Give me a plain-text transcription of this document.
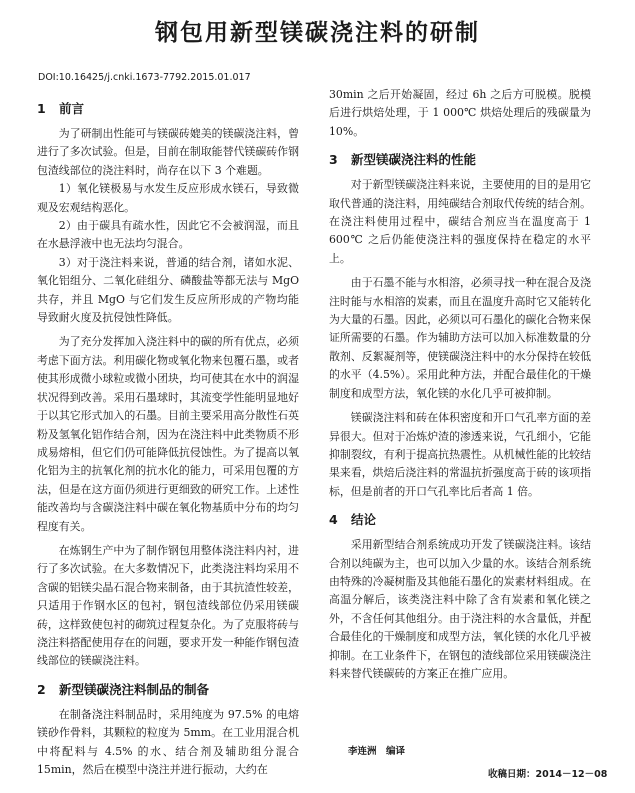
钢包用新型镁碳浇注料的研制
DOI:10.16425/j.cnki.1673-7792.2015.01.017
1 前言

为了研制出性能可与镁碳砖媲美的镁碳浇注料，曾进行了多次试验。但是，目前在制取能替代镁碳砖作钢包渣线部位的浇注料时，尚存在以下 3 个难题。

1）氧化镁极易与水发生反应形成水镁石，导致微观及宏观结构恶化。

2）由于碳具有疏水性，因此它不会被润湿，而且在水悬浮液中也无法均匀混合。

3）对于浇注料来说，普通的结合剂，诸如水泥、氧化铝组分、二氧化硅组分、磷酸盐等都无法与 MgO 共存，并且 MgO 与它们发生反应所形成的产物均能导致耐火度及抗侵蚀性降低。

为了充分发挥加入浇注料中的碳的所有优点，必须考虑下面方法。利用碳化物或氧化物来包覆石墨，或者使其形成微小球粒或微小团块，均可使其在水中的润湿状况得到改善。采用石墨球时，其流变学性能明显地好于以其它形式加入的石墨。目前主要采用高分散性石英粉及氢氧化铝作结合剂，因为在浇注料中此类物质不形成易熔相，但它们仍可能降低抗侵蚀性。为了提高以氧化铝为主的抗氧化剂的抗水化的能力，可采用包覆的方法，但是在这方面仍须进行更细致的研究工作。上述性能改善均与含碳浇注料中碳在氧化物基质中分布的均匀程度有关。

在炼钢生产中为了制作钢包用整体浇注料内衬，进行了多次试验。在大多数情况下，此类浇注料均采用不含碳的铝镁尖晶石混合物来制备，由于其抗渣性较差，只适用于作钢水区的包衬，钢包渣线部位仍采用镁碳砖，这样致使包衬的砌筑过程复杂化。为了克服将砖与浇注料搭配使用存在的问题，要求开发一种能作钢包渣线部位的镁碳浇注料。

2 新型镁碳浇注料制品的制备

在制备浇注料制品时，采用纯度为 97.5% 的电熔镁砂作骨料，其颗粒的粒度为 5mm。在工业用混合机中将配料与 4.5% 的水、结合剂及辅助组分混合 15min，然后在模型中浇注并进行振动，大约在

30min 之后开始凝固，经过 6h 之后方可脱模。脱模后进行烘焙处理，于 1 000℃ 烘焙处理后的残碳量为 10%。

3 新型镁碳浇注料的性能

对于新型镁碳浇注料来说，主要使用的目的是用它取代普通的浇注料，用纯碳结合剂取代传统的结合剂。在浇注料使用过程中，碳结合剂应当在温度高于 1 600℃ 之后仍能使浇注料的强度保持在稳定的水平上。

由于石墨不能与水相溶，必须寻找一种在混合及浇注时能与水相溶的炭素，而且在温度升高时它又能转化为大量的石墨。因此，必须以可石墨化的碳化合物来保证所需要的石墨。作为辅助方法可以加入标准数量的分散剂、反絮凝剂等，使镁碳浇注料中的水分保持在较低的水平（4.5%）。采用此种方法，并配合最佳化的干燥制度和成型方法，氧化镁的水化几乎可被抑制。

镁碳浇注料和砖在体积密度和开口气孔率方面的差异很大。但对于冶炼炉渣的渗透来说，气孔细小，它能抑制裂纹，有利于提高抗热震性。从机械性能的比较结果来看，烘焙后浇注料的常温抗折强度高于砖的该项指标，但是前者的开口气孔率比后者高 1 倍。

4 结论

采用新型结合剂系统成功开发了镁碳浇注料。该结合剂以纯碳为主，也可以加入少量的水。该结合剂系统由特殊的冷凝树脂及其他能石墨化的炭素材料组成。在高温分解后，该类浇注料中除了含有炭素和氧化镁之外，不含任何其他组分。由于浇注料的水含量低，并配合最佳化的干燥制度和成型方法，氧化镁的水化几乎被抑制。在工业条件下，在钢包的渣线部位采用镁碳浇注料来替代镁碳砖的方案正在推广应用。

李连洲　编译
收稿日期：2014－12－08
